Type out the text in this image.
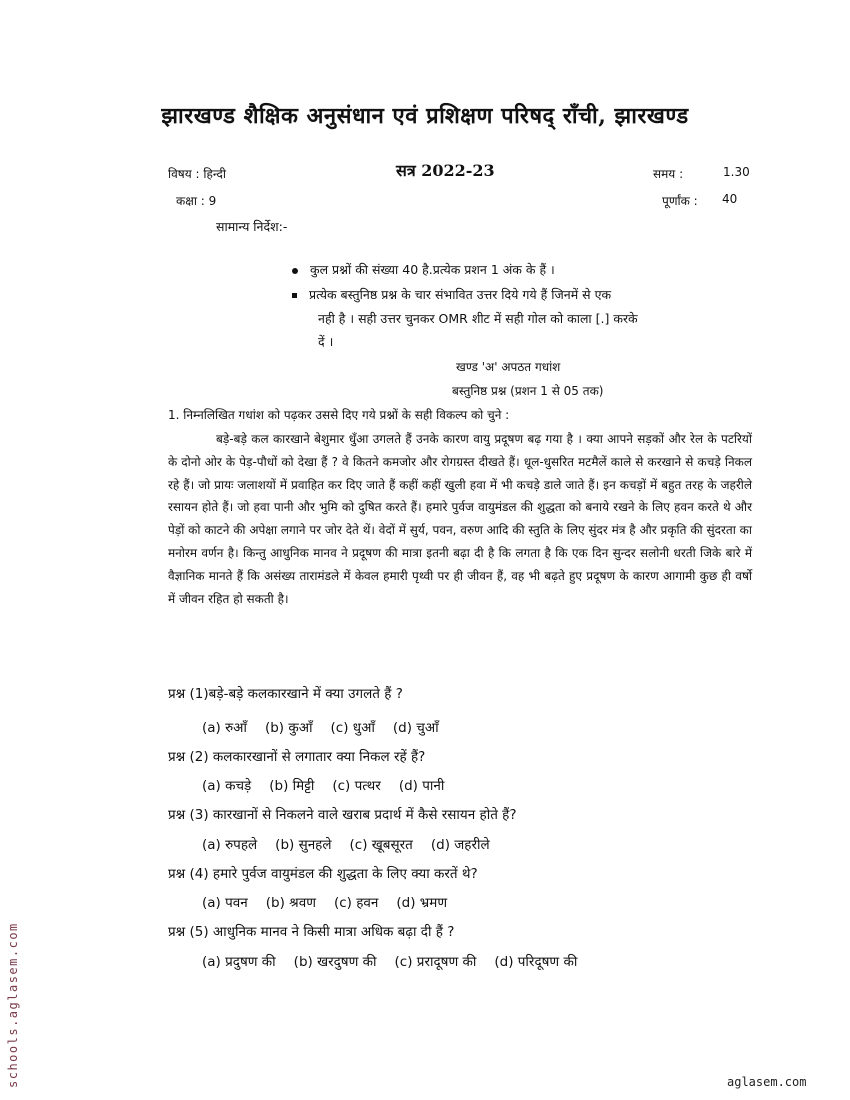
झारखण्ड शैक्षिक अनुसंधान एवं प्रशिक्षण परिषद् राँची, झारखण्ड
विषय : हिन्दी	सत्र 2022-23	समय :	1.30
कक्षा : 9	पूर्णांक : 40
सामान्य निर्देश:-
कुल प्रश्नों की संख्या 40 है.प्रत्येक प्रशन 1 अंक के हैं ।
प्रत्येक बस्तुनिष्ठ प्रश्न के चार संभावित उत्तर दिये गये हैं जिनमें से एक
नही है । सही उत्तर चुनकर OMR शीट में सही गोल को काला [.] करके
दें ।
खण्ड 'अ' अपठत गधांश
बस्तुनिष्ठ प्रश्न (प्रशन 1 से 05 तक)
1. निम्नलिखित गधांश को पढ़कर उससे दिए गये प्रश्नों के सही विकल्प को चुने :
बड़े-बड़े कल कारखाने बेशुमार धुँआ उगलते हैं उनके कारण वायु प्रदूषण बढ़ गया है । क्या आपने सड़कों और रेल के पटरियों के दोनो ओर के पेड़-पौधों को देखा हैं ? वे कितने कमजोर और रोगग्रस्त दीखते हैं। धूल-धुसरित मटमैलें काले से करखाने से कचड़े निकल रहे हैं। जो प्रायः जलाशयों में प्रवाहित कर दिए जाते हैं कहीं कहीं खुली हवा में भी कचड़े डाले जाते हैं। इन कचड़ों में बहुत तरह के जहरीले रसायन होते हैं। जो हवा पानी और भुमि को दुषित करते हैं। हमारे पुर्वज वायुमंडल की शुद्धता को बनाये रखने के लिए हवन करते थे और पेड़ों को काटने की अपेक्षा लगाने पर जोर देते थें। वेदों में सुर्य, पवन, वरुण आदि की स्तुति के लिए सुंदर मंत्र है और प्रकृति की सुंदरता का मनोरम वर्णन है। किन्तु आधुनिक मानव ने प्रदूषण की मात्रा इतनी बढ़ा दी है कि लगता है कि एक दिन सुन्दर सलोनी धरती जिके बारे में वैज्ञानिक मानते हैं कि असंख्य तारामंडले में केवल हमारी पृथ्वी पर ही जीवन हैं, वह भी बढ़ते हुए प्रदूषण के कारण आगामी कुछ ही वर्षो में जीवन रहित हो सकती है।
प्रश्न (1)बड़े-बड़े कलकारखाने में क्या उगलते हैं ?
(a) रुआँ (b) कुआँ (c) धुआँ (d) चुआँ
प्रश्न (2) कलकारखानों से लगातार क्या निकल रहें हैं?
(a) कचड़े (b) मिट्टी (c) पत्थर (d) पानी
प्रश्न (3) कारखानों से निकलने वाले खराब प्रदार्थ में कैसे रसायन होते हैं?
(a) रुपहले (b) सुनहले (c) खूबसूरत (d) जहरीले
प्रश्न (4) हमारे पुर्वज वायुमंडल की शुद्धता के लिए क्या करतें थे?
(a) पवन (b) श्रवण (c) हवन (d) भ्रमण
प्रश्न (5) आधुनिक मानव ने किसी मात्रा अधिक बढ़ा दी हैं ?
(a) प्रदुषण की (b) खरदुषण की (c) प्ररादूषण की (d) परिदूषण की
schools.aglasem.com	aglasem.com
